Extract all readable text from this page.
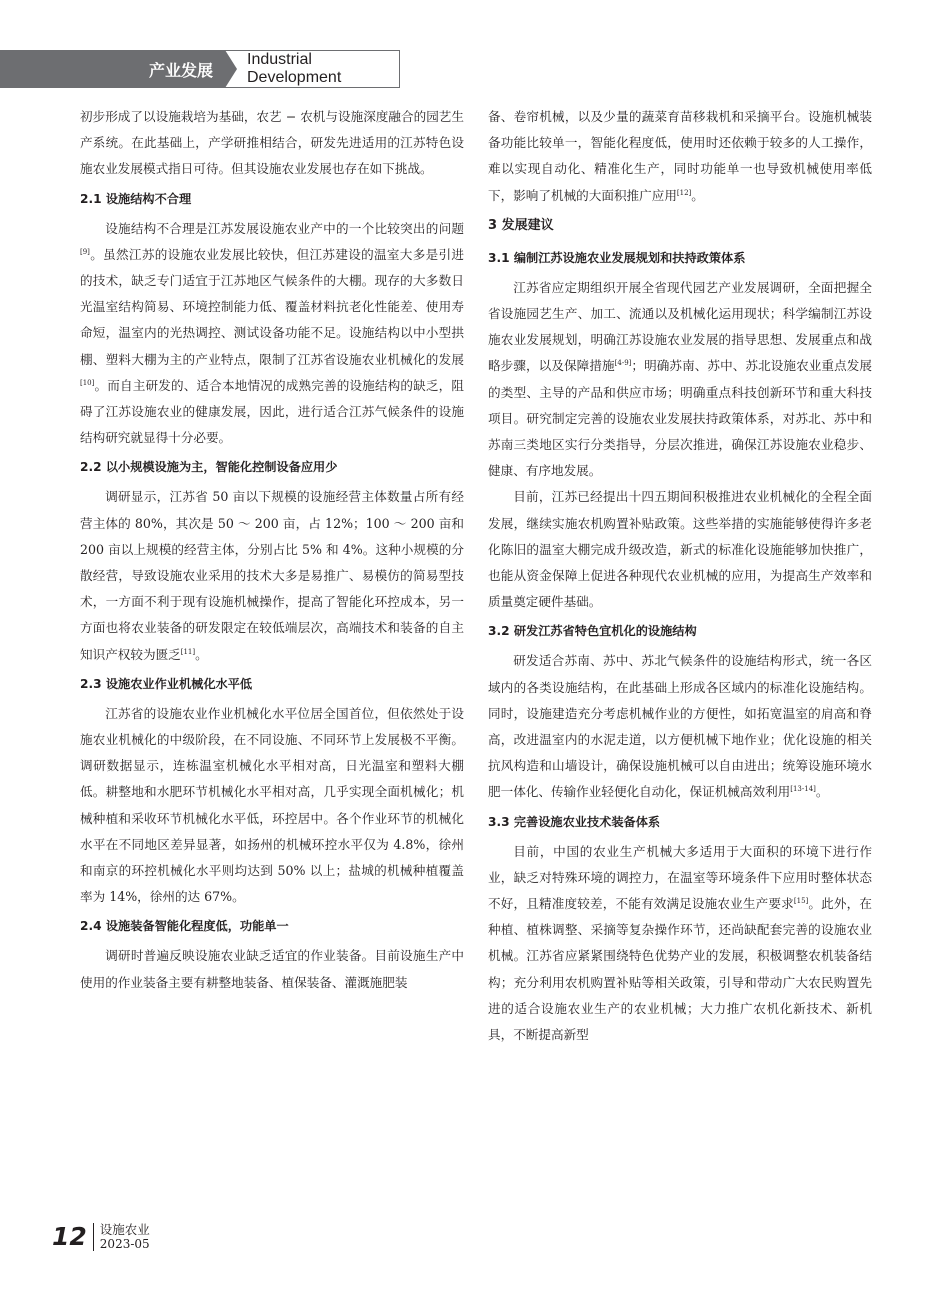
产业发展
Industrial Development

初步形成了以设施栽培为基础，农艺 − 农机与设施深度融合的园艺生产系统。在此基础上，产学研推相结合，研发先进适用的江苏特色设施农业发展模式指日可待。但其设施农业发展也存在如下挑战。

2.1 设施结构不合理

设施结构不合理是江苏发展设施农业产中的一个比较突出的问题[9]。虽然江苏的设施农业发展比较快，但江苏建设的温室大多是引进的技术，缺乏专门适宜于江苏地区气候条件的大棚。现存的大多数日光温室结构简易、环境控制能力低、覆盖材料抗老化性能差、使用寿命短，温室内的光热调控、测试设备功能不足。设施结构以中小型拱棚、塑料大棚为主的产业特点，限制了江苏省设施农业机械化的发展[10]。而自主研发的、适合本地情况的成熟完善的设施结构的缺乏，阻碍了江苏设施农业的健康发展，因此，进行适合江苏气候条件的设施结构研究就显得十分必要。

2.2 以小规模设施为主，智能化控制设备应用少

调研显示，江苏省 50 亩以下规模的设施经营主体数量占所有经营主体的 80%，其次是 50 ～ 200 亩，占 12%；100 ～ 200 亩和 200 亩以上规模的经营主体，分别占比 5% 和 4%。这种小规模的分散经营，导致设施农业采用的技术大多是易推广、易模仿的简易型技术，一方面不利于现有设施机械操作，提高了智能化环控成本，另一方面也将农业装备的研发限定在较低端层次，高端技术和装备的自主知识产权较为匮乏[11]。

2.3 设施农业作业机械化水平低

江苏省的设施农业作业机械化水平位居全国首位，但依然处于设施农业机械化的中级阶段，在不同设施、不同环节上发展极不平衡。调研数据显示，连栋温室机械化水平相对高，日光温室和塑料大棚低。耕整地和水肥环节机械化水平相对高，几乎实现全面机械化；机械种植和采收环节机械化水平低，环控居中。各个作业环节的机械化水平在不同地区差异显著，如扬州的机械环控水平仅为 4.8%，徐州和南京的环控机械化水平则均达到 50% 以上；盐城的机械种植覆盖率为 14%，徐州的达 67%。

2.4 设施装备智能化程度低，功能单一

调研时普遍反映设施农业缺乏适宜的作业装备。目前设施生产中使用的作业装备主要有耕整地装备、植保装备、灌溉施肥装

备、卷帘机械，以及少量的蔬菜育苗移栽机和采摘平台。设施机械装备功能比较单一，智能化程度低，使用时还依赖于较多的人工操作，难以实现自动化、精准化生产，同时功能单一也导致机械使用率低下，影响了机械的大面积推广应用[12]。

3 发展建议

3.1 编制江苏设施农业发展规划和扶持政策体系

江苏省应定期组织开展全省现代园艺产业发展调研，全面把握全省设施园艺生产、加工、流通以及机械化运用现状；科学编制江苏设施农业发展规划，明确江苏设施农业发展的指导思想、发展重点和战略步骤，以及保障措施[4-9]；明确苏南、苏中、苏北设施农业重点发展的类型、主导的产品和供应市场；明确重点科技创新环节和重大科技项目。研究制定完善的设施农业发展扶持政策体系，对苏北、苏中和苏南三类地区实行分类指导，分层次推进，确保江苏设施农业稳步、健康、有序地发展。

目前，江苏已经提出十四五期间积极推进农业机械化的全程全面发展，继续实施农机购置补贴政策。这些举措的实施能够使得许多老化陈旧的温室大棚完成升级改造，新式的标准化设施能够加快推广，也能从资金保障上促进各种现代农业机械的应用，为提高生产效率和质量奠定硬件基础。

3.2 研发江苏省特色宜机化的设施结构

研发适合苏南、苏中、苏北气候条件的设施结构形式，统一各区域内的各类设施结构，在此基础上形成各区域内的标准化设施结构。同时，设施建造充分考虑机械作业的方便性，如拓宽温室的肩高和脊高，改进温室内的水泥走道，以方便机械下地作业；优化设施的相关抗风构造和山墙设计，确保设施机械可以自由进出；统筹设施环境水肥一体化、传输作业轻便化自动化，保证机械高效利用[13-14]。

3.3 完善设施农业技术装备体系

目前，中国的农业生产机械大多适用于大面积的环境下进行作业，缺乏对特殊环境的调控力，在温室等环境条件下应用时整体状态不好，且精准度较差，不能有效满足设施农业生产要求[15]。此外，在种植、植株调整、采摘等复杂操作环节，还尚缺配套完善的设施农业机械。江苏省应紧紧围绕特色优势产业的发展，积极调整农机装备结构；充分利用农机购置补贴等相关政策，引导和带动广大农民购置先进的适合设施农业生产的农业机械；大力推广农机化新技术、新机具，不断提高新型

12	设施农业
2023-05
